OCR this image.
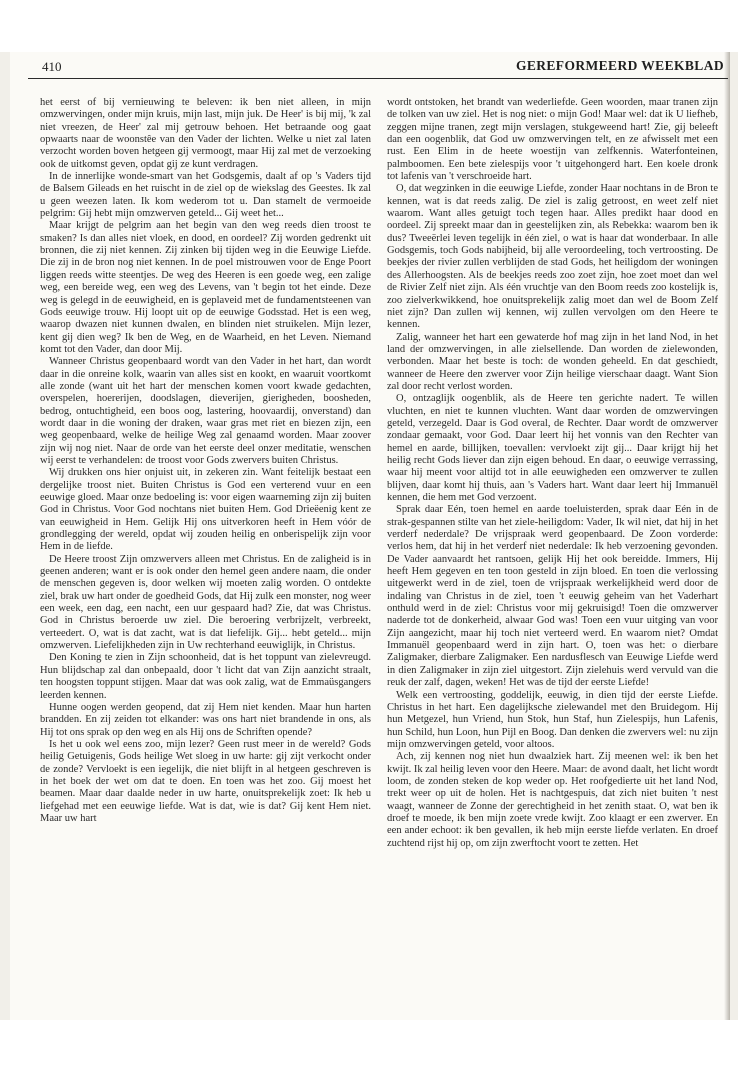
410	GEREFORMEERD WEEKBLAD

het eerst of bij vernieuwing te beleven: ik ben niet alleen, in mijn omzwervingen, onder mijn kruis, mijn last, mijn juk. De Heer' is bij mij, 'k zal niet vreezen, de Heer' zal mij getrouw behoen. Het betraande oog gaat opwaarts naar de woonstêe van den Vader der lichten. Welke u niet zal laten verzocht worden boven hetgeen gij vermoogt, maar Hij zal met de verzoeking ook de uitkomst geven, opdat gij ze kunt verdragen.

In de innerlijke wonde-smart van het Godsgemis, daalt af op 's Vaders tijd de Balsem Gileads en het ruischt in de ziel op de wiekslag des Geestes. Ik zal u geen weezen laten. Ik kom wederom tot u. Dan stamelt de vermoeide pelgrim: Gij hebt mijn omzwerven geteld... Gij weet het...

Maar krijgt de pelgrim aan het begin van den weg reeds dien troost te smaken? Is dan alles niet vloek, en dood, en oordeel? Zij worden gedrenkt uit bronnen, die zij niet kennen. Zij zinken bij tijden weg in die Eeuwige Liefde. Die zij in de bron nog niet kennen. In de poel mistrouwen voor de Enge Poort liggen reeds witte steentjes. De weg des Heeren is een goede weg, een zalige weg, een bereide weg, een weg des Levens, van 't begin tot het einde. Deze weg is gelegd in de eeuwigheid, en is geplaveid met de fundamentsteenen van Gods eeuwige trouw. Hij loopt uit op de eeuwige Godsstad. Het is een weg, waarop dwazen niet kunnen dwalen, en blinden niet struikelen. Mijn lezer, kent gij dien weg? Ik ben de Weg, en de Waarheid, en het Leven. Niemand komt tot den Vader, dan door Mij.

Wanneer Christus geopenbaard wordt van den Vader in het hart, dan wordt daar in die onreine kolk, waarin van alles sist en kookt, en waaruit voortkomt alle zonde (want uit het hart der menschen komen voort kwade gedachten, overspelen, hoererijen, doodslagen, dieverijen, gierigheden, boosheden, bedrog, ontuchtigheid, een boos oog, lastering, hoovaardij, onverstand) dan wordt daar in die woning der draken, waar gras met riet en biezen zijn, een weg geopenbaard, welke de heilige Weg zal genaamd worden. Maar zoover zijn wij nog niet. Naar de orde van het eerste deel onzer meditatie, wenschen wij eerst te verhandelen: de troost voor Gods zwervers buiten Christus.

Wij drukken ons hier onjuist uit, in zekeren zin. Want feitelijk bestaat een dergelijke troost niet. Buiten Christus is God een verterend vuur en een eeuwige gloed. Maar onze bedoeling is: voor eigen waarneming zijn zij buiten God in Christus. Voor God nochtans niet buiten Hem. God Drieëenig kent ze van eeuwigheid in Hem. Gelijk Hij ons uitverkoren heeft in Hem vóór de grondlegging der wereld, opdat wij zouden heilig en onberispelijk zijn voor Hem in de liefde.

De Heere troost Zijn omzwervers alleen met Christus. En de zaligheid is in geenen anderen; want er is ook onder den hemel geen andere naam, die onder de menschen gegeven is, door welken wij moeten zalig worden. O ontdekte ziel, brak uw hart onder de goedheid Gods, dat Hij zulk een monster, nog weer een week, een dag, een nacht, een uur gespaard had? Zie, dat was Christus. God in Christus beroerde uw ziel. Die beroering verbrijzelt, verbreekt, verteedert. O, wat is dat zacht, wat is dat liefelijk. Gij... hebt geteld... mijn omzwerven. Liefelijkheden zijn in Uw rechterhand eeuwiglijk, in Christus.

Den Koning te zien in Zijn schoonheid, dat is het toppunt van zielevreugd. Hun blijdschap zal dan onbepaald, door 't licht dat van Zijn aanzicht straalt, ten hoogsten toppunt stijgen. Maar dat was ook zalig, wat de Emmaüsgangers leerden kennen.

Hunne oogen werden geopend, dat zij Hem niet kenden. Maar hun harten brandden. En zij zeiden tot elkander: was ons hart niet brandende in ons, als Hij tot ons sprak op den weg en als Hij ons de Schriften opende?

Is het u ook wel eens zoo, mijn lezer? Geen rust meer in de wereld? Gods heilig Getuigenis, Gods heilige Wet sloeg in uw harte: gij zijt verkocht onder de zonde? Vervloekt is een iegelijk, die niet blijft in al hetgeen geschreven is in het boek der wet om dat te doen. En toen was het zoo. Gij moest het beamen. Maar daar daalde neder in uw harte, onuitsprekelijk zoet: Ik heb u liefgehad met een eeuwige liefde. Wat is dat, wie is dat? Gij kent Hem niet. Maar uw hart

wordt ontstoken, het brandt van wederliefde. Geen woorden, maar tranen zijn de tolken van uw ziel. Het is nog niet: o mijn God! Maar wel: dat ik U liefheb, zeggen mijne tranen, zegt mijn verslagen, stukgeweend hart! Zie, gij beleeft dan een oogenblik, dat God uw omzwervingen telt, en ze afwisselt met een rust. Een Elim in de heete woestijn van zelfkennis. Waterfonteinen, palmboomen. Een bete zielespijs voor 't uitgehongerd hart. Een koele dronk tot lafenis van 't verschroeide hart.

O, dat wegzinken in die eeuwige Liefde, zonder Haar nochtans in de Bron te kennen, wat is dat reeds zalig. De ziel is zalig getroost, en weet zelf niet waarom. Want alles getuigt toch tegen haar. Alles predikt haar dood en oordeel. Zij spreekt maar dan in geestelijken zin, als Rebekka: waarom ben ik dus? Tweeërlei leven tegelijk in één ziel, o wat is haar dat wonderbaar. In alle Godsgemis, toch Gods nabijheid, bij alle veroordeeling, toch vertroosting. De beekjes der rivier zullen verblijden de stad Gods, het heiligdom der woningen des Allerhoogsten. Als de beekjes reeds zoo zoet zijn, hoe zoet moet dan wel de Rivier Zelf niet zijn. Als één vruchtje van den Boom reeds zoo kostelijk is, zoo zielverkwikkend, hoe onuitsprekelijk zalig moet dan wel de Boom Zelf niet zijn? Dan zullen wij kennen, wij zullen vervolgen om den Heere te kennen.

Zalig, wanneer het hart een gewaterde hof mag zijn in het land Nod, in het land der omzwervingen, in alle zielsellende. Dan worden de zielewonden, verbonden. Maar het beste is toch: de wonden geheeld. En dat geschiedt, wanneer de Heere den zwerver voor Zijn heilige vierschaar daagt. Want Sion zal door recht verlost worden.

O, ontzaglijk oogenblik, als de Heere ten gerichte nadert. Te willen vluchten, en niet te kunnen vluchten. Want daar worden de omzwervingen geteld, verzegeld. Daar is God overal, de Rechter. Daar wordt de omzwerver zondaar gemaakt, voor God. Daar leert hij het vonnis van den Rechter van hemel en aarde, billijken, toevallen: vervloekt zijt gij... Daar krijgt hij het heilig recht Gods liever dan zijn eigen behoud. En daar, o eeuwige verrassing, waar hij meent voor altijd tot in alle eeuwigheden een omzwerver te zullen blijven, daar komt hij thuis, aan 's Vaders hart. Want daar leert hij Immanuël kennen, die hem met God verzoent.

Sprak daar Eén, toen hemel en aarde toeluisterden, sprak daar Eén in de strak-gespannen stilte van het ziele-heiligdom: Vader, Ik wil niet, dat hij in het verderf nederdale? De vrijspraak werd geopenbaard. De Zoon vorderde: verlos hem, dat hij in het verderf niet nederdale: Ik heb verzoening gevonden. De Vader aanvaardt het rantsoen, gelijk Hij het ook bereidde. Immers, Hij heeft Hem gegeven en ten toon gesteld in zijn bloed. En toen die verlossing uitgewerkt werd in de ziel, toen de vrijspraak werkelijkheid werd door de indaling van Christus in de ziel, toen 't eeuwig geheim van het Vaderhart onthuld werd in de ziel: Christus voor mij gekruisigd! Toen die omzwerver naderde tot de donkerheid, alwaar God was! Toen een vuur uitging van voor Zijn aangezicht, maar hij toch niet verteerd werd. En waarom niet? Omdat Immanuël geopenbaard werd in zijn hart. O, toen was het: o dierbare Zaligmaker, dierbare Zaligmaker. Een nardusflesch van Eeuwige Liefde werd in dien Zaligmaker in zijn ziel uitgestort. Zijn zielehuis werd vervuld van die reuk der zalf, dagen, weken! Het was de tijd der eerste Liefde!

Welk een vertroosting, goddelijk, eeuwig, in dien tijd der eerste Liefde. Christus in het hart. Een dagelijksche zielewandel met den Bruidegom. Hij hun Metgezel, hun Vriend, hun Stok, hun Staf, hun Zielespijs, hun Lafenis, hun Schild, hun Loon, hun Pijl en Boog. Dan denken die zwervers wel: nu zijn mijn omzwervingen geteld, voor altoos.

Ach, zij kennen nog niet hun dwaalziek hart. Zij meenen wel: ik ben het kwijt. Ik zal heilig leven voor den Heere. Maar: de avond daalt, het licht wordt loom, de zonden steken de kop weder op. Het roofgedierte uit het land Nod, trekt weer op uit de holen. Het is nachtgespuis, dat zich niet buiten 't nest waagt, wanneer de Zonne der gerechtigheid in het zenith staat. O, wat ben ik droef te moede, ik ben mijn zoete vrede kwijt. Zoo klaagt er een zwerver. En een ander echoot: ik ben gevallen, ik heb mijn eerste liefde verlaten. En droef zuchtend rijst hij op, om zijn zwerftocht voort te zetten. Het
